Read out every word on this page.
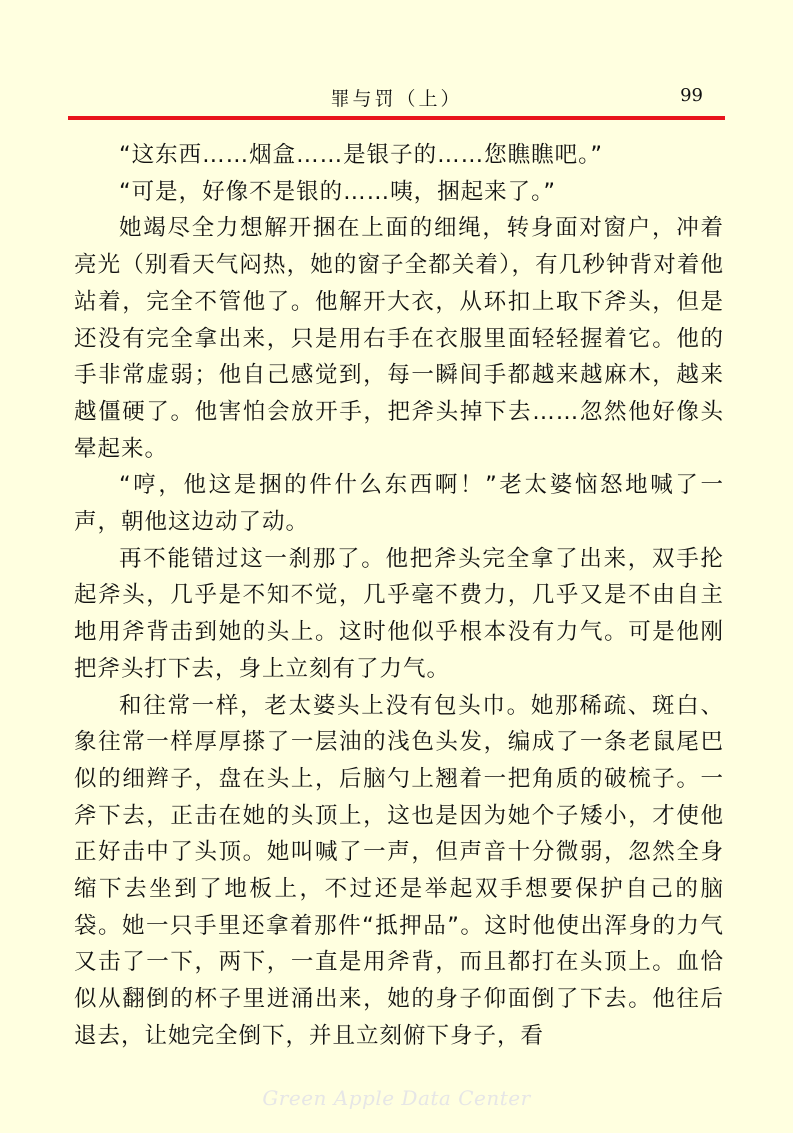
罪与罚（上）	99

“这东西……烟盒……是银子的……您瞧瞧吧。”

“可是，好像不是银的……咦，捆起来了。”

她竭尽全力想解开捆在上面的细绳，转身面对窗户，冲着亮光（别看天气闷热，她的窗子全都关着），有几秒钟背对着他站着，完全不管他了。他解开大衣，从环扣上取下斧头，但是还没有完全拿出来，只是用右手在衣服里面轻轻握着它。他的手非常虚弱；他自己感觉到，每一瞬间手都越来越麻木，越来越僵硬了。他害怕会放开手，把斧头掉下去……忽然他好像头晕起来。

“哼，他这是捆的件什么东西啊！”老太婆恼怒地喊了一声，朝他这边动了动。

再不能错过这一刹那了。他把斧头完全拿了出来，双手抡起斧头，几乎是不知不觉，几乎毫不费力，几乎又是不由自主地用斧背击到她的头上。这时他似乎根本没有力气。可是他刚把斧头打下去，身上立刻有了力气。

和往常一样，老太婆头上没有包头巾。她那稀疏、斑白、象往常一样厚厚搽了一层油的浅色头发，编成了一条老鼠尾巴似的细辫子，盘在头上，后脑勺上翘着一把角质的破梳子。一斧下去，正击在她的头顶上，这也是因为她个子矮小，才使他正好击中了头顶。她叫喊了一声，但声音十分微弱，忽然全身缩下去坐到了地板上，不过还是举起双手想要保护自己的脑袋。她一只手里还拿着那件“抵押品”。这时他使出浑身的力气又击了一下，两下，一直是用斧背，而且都打在头顶上。血恰似从翻倒的杯子里迸涌出来，她的身子仰面倒了下去。他往后退去，让她完全倒下，并且立刻俯下身子，看

Green Apple Data Center
